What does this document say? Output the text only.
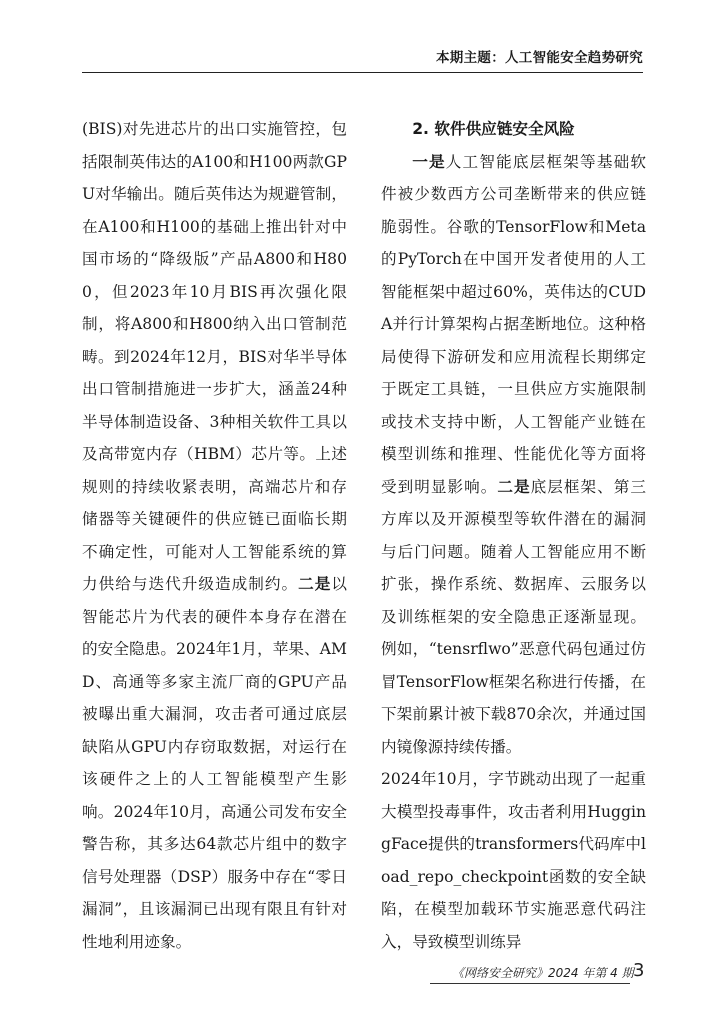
本期主题：人工智能安全趋势研究

(BIS)对先进芯片的出口实施管控，包括限制英伟达的A100和H100两款GPU对华输出。随后英伟达为规避管制，在A100和H100的基础上推出针对中国市场的“降级版”产品A800和H800，但2023年10月BIS再次强化限制，将A800和H800纳入出口管制范畴。到2024年12月，BIS对华半导体出口管制措施进一步扩大，涵盖24种半导体制造设备、3种相关软件工具以及高带宽内存（HBM）芯片等。上述规则的持续收紧表明，高端芯片和存储器等关键硬件的供应链已面临长期不确定性，可能对人工智能系统的算力供给与迭代升级造成制约。二是以智能芯片为代表的硬件本身存在潜在的安全隐患。2024年1月，苹果、AMD、高通等多家主流厂商的GPU产品被曝出重大漏洞，攻击者可通过底层缺陷从GPU内存窃取数据，对运行在该硬件之上的人工智能模型产生影响。2024年10月，高通公司发布安全警告称，其多达64款芯片组中的数字信号处理器（DSP）服务中存在“零日漏洞”，且该漏洞已出现有限且有针对性地利用迹象。

2. 软件供应链安全风险

一是人工智能底层框架等基础软件被少数西方公司垄断带来的供应链脆弱性。谷歌的TensorFlow和Meta的PyTorch在中国开发者使用的人工智能框架中超过60%，英伟达的CUDA并行计算架构占据垄断地位。这种格局使得下游研发和应用流程长期绑定于既定工具链，一旦供应方实施限制或技术支持中断，人工智能产业链在模型训练和推理、性能优化等方面将受到明显影响。二是底层框架、第三方库以及开源模型等软件潜在的漏洞与后门问题。随着人工智能应用不断扩张，操作系统、数据库、云服务以及训练框架的安全隐患正逐渐显现。例如，“tensrflwo”恶意代码包通过仿冒TensorFlow框架名称进行传播，在下架前累计被下载870余次，并通过国内镜像源持续传播。

2024年10月，字节跳动出现了一起重大模型投毒事件，攻击者利用HuggingFace提供的transformers代码库中load_repo_checkpoint函数的安全缺陷，在模型加载环节实施恶意代码注入，导致模型训练异

《网络安全研究》2024 年第 4 期 3
